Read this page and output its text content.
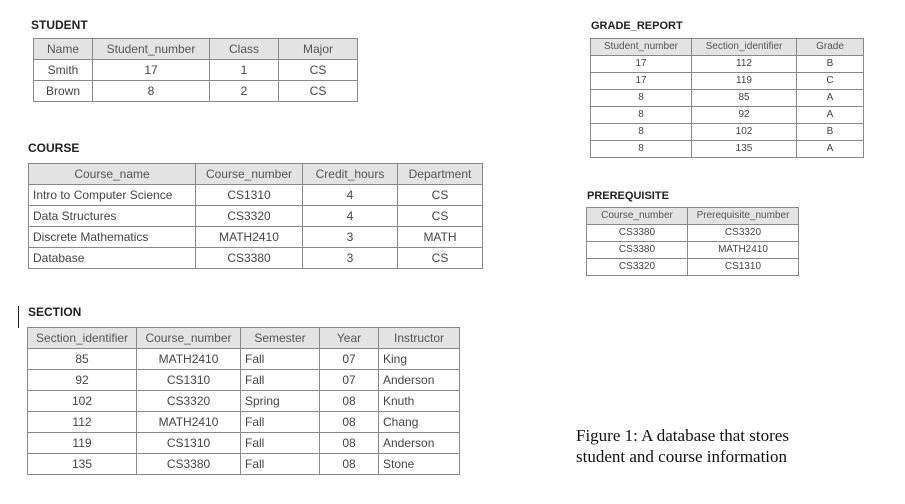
STUDENT
Name	Student_number	Class	Major
Smith	17	1	CS
Brown	8	2	CS
COURSE
Course_name	Course_number	Credit_hours	Department
Intro to Computer Science	CS1310	4	CS
Data Structures	CS3320	4	CS
Discrete Mathematics	MATH2410	3	MATH
Database	CS3380	3	CS
SECTION
Section_identifier	Course_number	Semester	Year	Instructor
85	MATH2410	Fall	07	King
92	CS1310	Fall	07	Anderson
102	CS3320	Spring	08	Knuth
112	MATH2410	Fall	08	Chang
119	CS1310	Fall	08	Anderson
135	CS3380	Fall	08	Stone
GRADE_REPORT
Student_number	Section_identifier	Grade
17	112	B
17	119	C
8	85	A
8	92	A
8	102	B
8	135	A
PREREQUISITE
Course_number	Prerequisite_number
CS3380	CS3320
CS3380	MATH2410
CS3320	CS1310
Figure 1: A database that stores
student and course information
